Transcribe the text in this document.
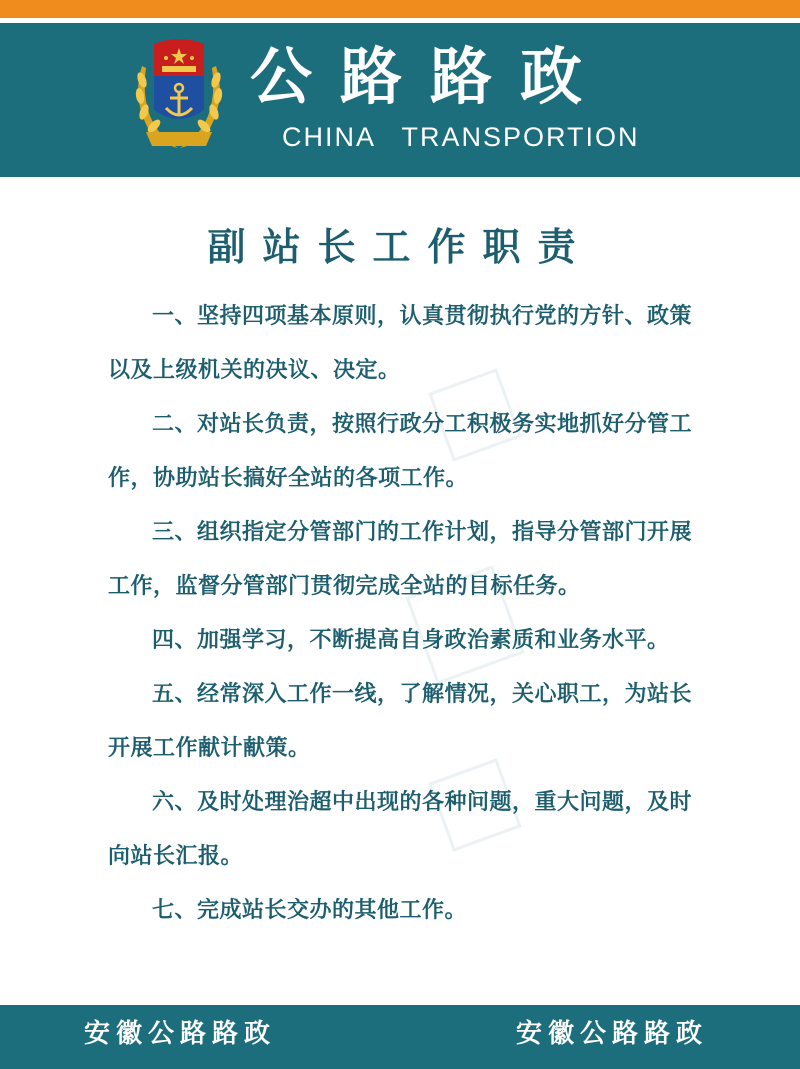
公路路政
CHINA TRANSPORTION
副站长工作职责

一、坚持四项基本原则，认真贯彻执行党的方针、政策以及上级机关的决议、决定。

二、对站长负责，按照行政分工积极务实地抓好分管工作，协助站长搞好全站的各项工作。

三、组织指定分管部门的工作计划，指导分管部门开展工作，监督分管部门贯彻完成全站的目标任务。

四、加强学习，不断提高自身政治素质和业务水平。

五、经常深入工作一线，了解情况，关心职工，为站长开展工作献计献策。

六、及时处理治超中出现的各种问题，重大问题，及时向站长汇报。

七、完成站长交办的其他工作。

安徽公路路政	安徽公路路政
